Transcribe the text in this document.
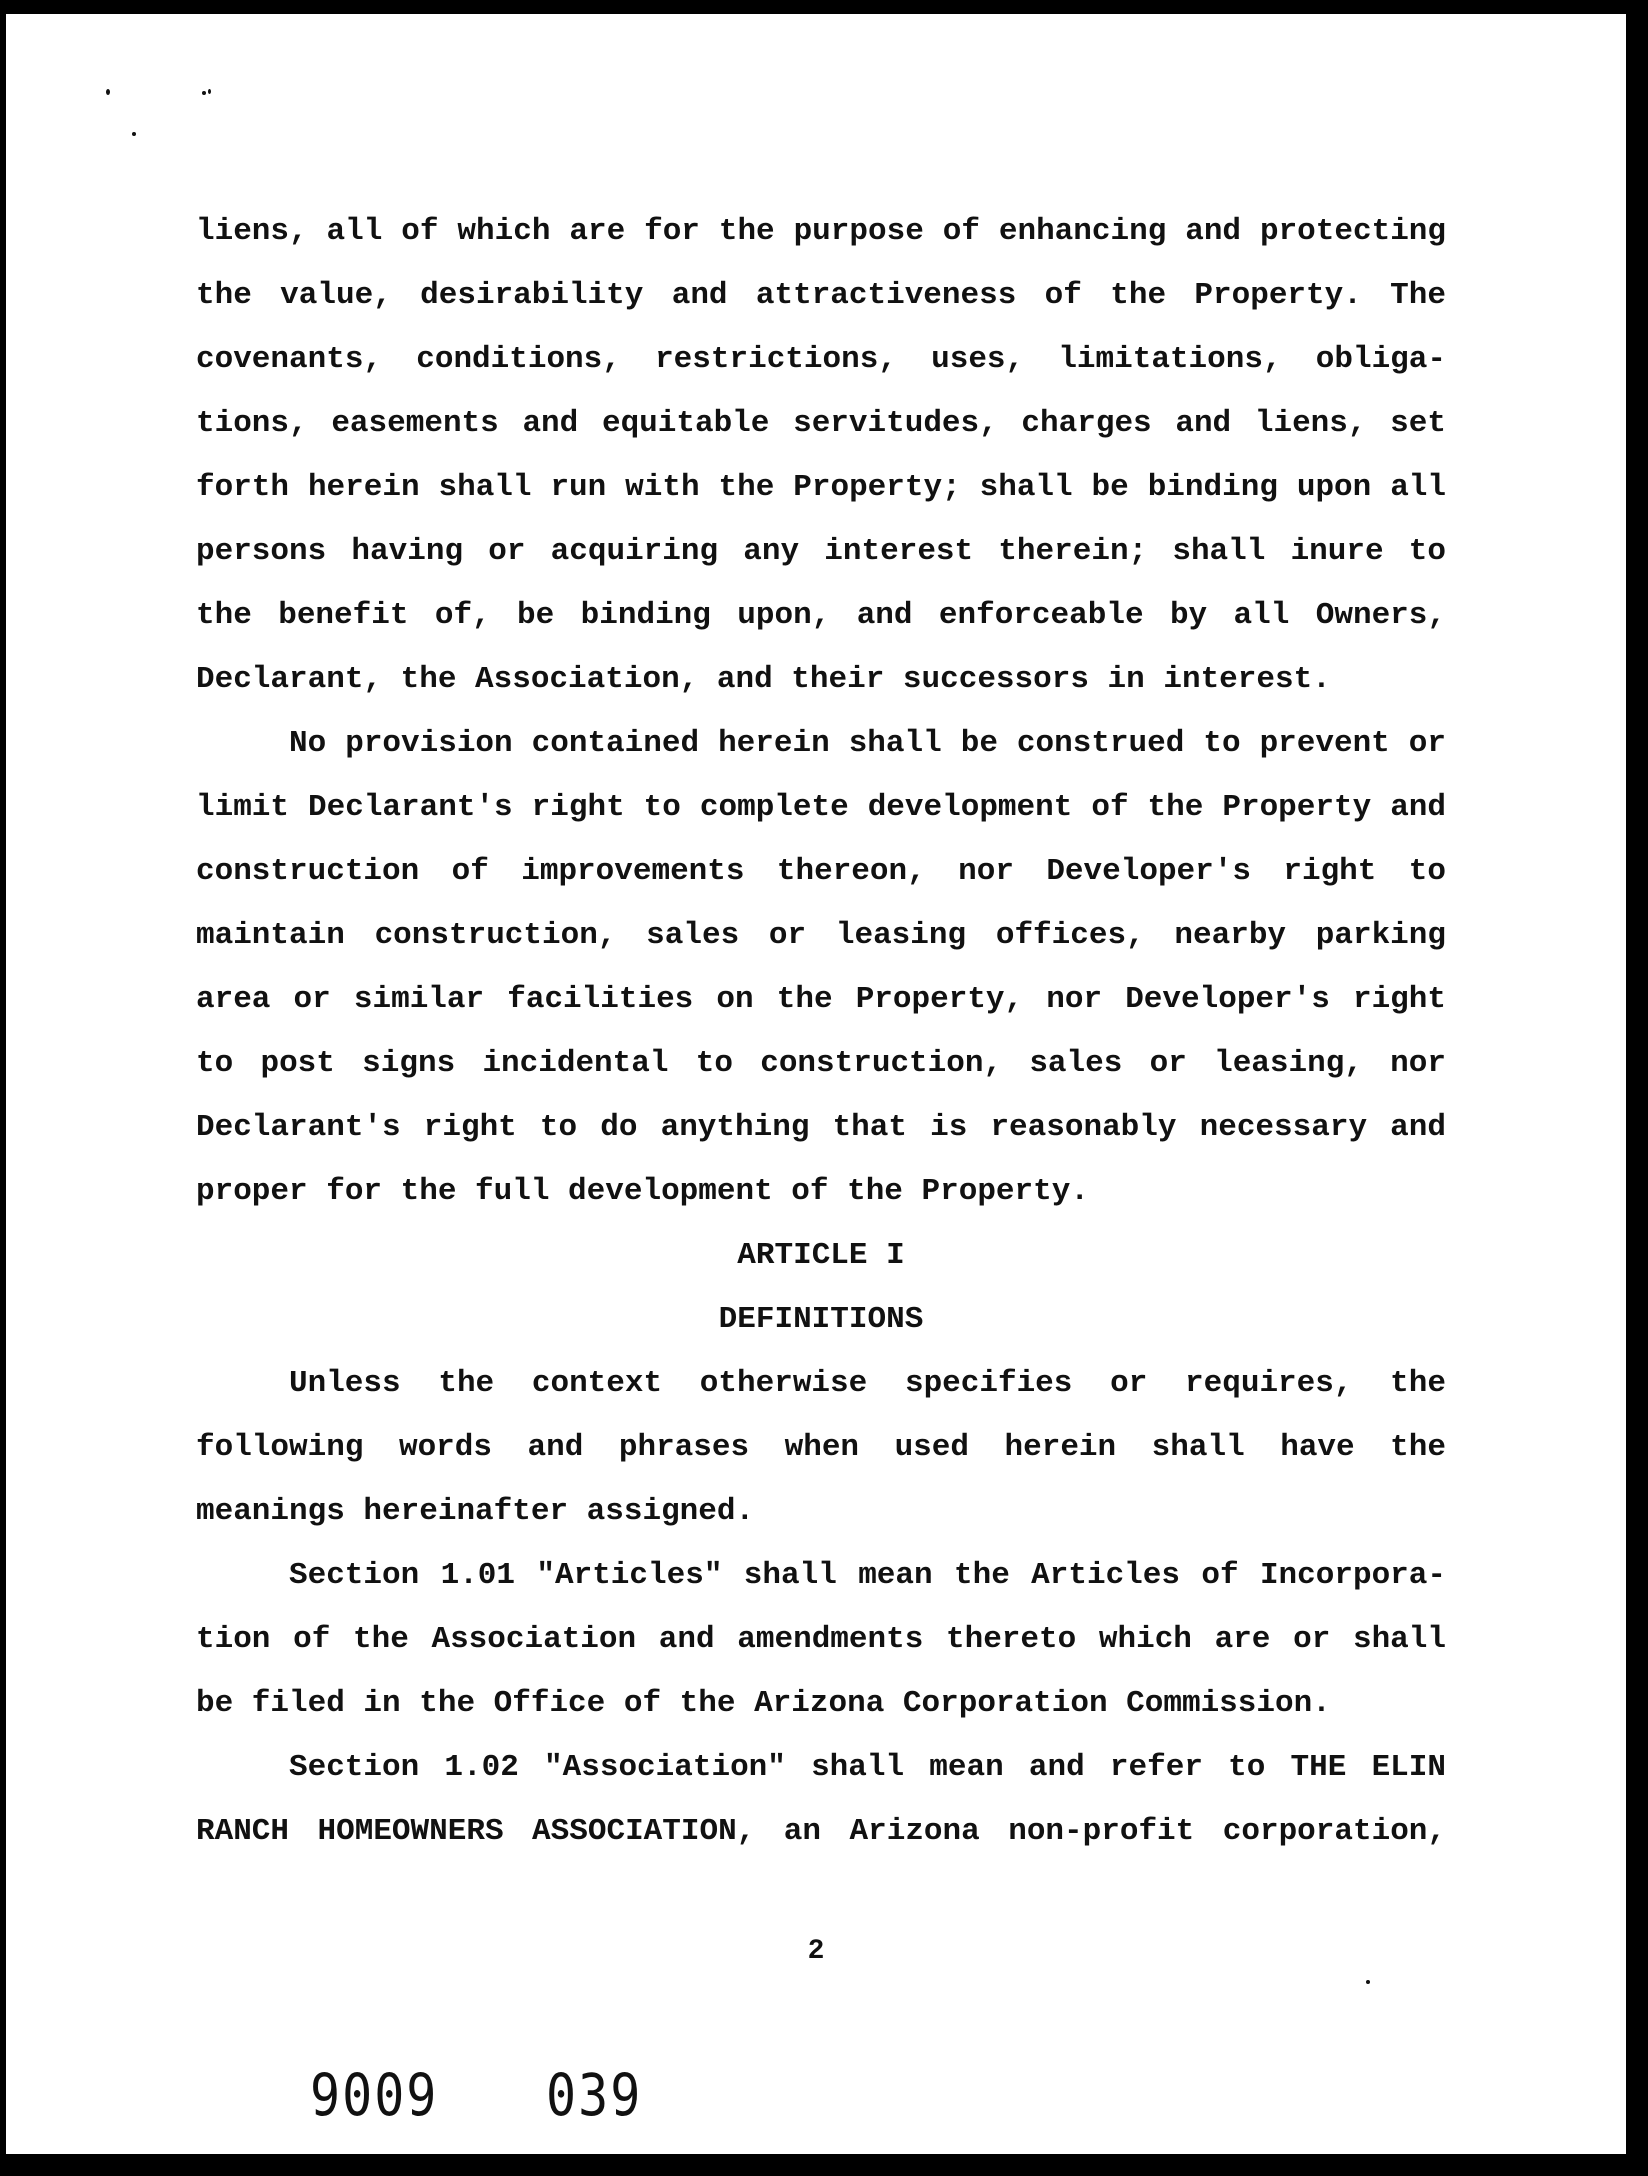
liens, all of which are for the purpose of enhancing and protecting
the value, desirability and attractiveness of the Property. The
covenants, conditions, restrictions, uses, limitations, obliga-
tions, easements and equitable servitudes, charges and liens, set
forth herein shall run with the Property; shall be binding upon all
persons having or acquiring any interest therein; shall inure to
the benefit of, be binding upon, and enforceable by all Owners,
Declarant, the Association, and their successors in interest.
No provision contained herein shall be construed to prevent or
limit Declarant's right to complete development of the Property and
construction of improvements thereon, nor Developer's right to
maintain construction, sales or leasing offices, nearby parking
area or similar facilities on the Property, nor Developer's right
to post signs incidental to construction, sales or leasing, nor
Declarant's right to do anything that is reasonably necessary and
proper for the full development of the Property.
ARTICLE I
DEFINITIONS
Unless the context otherwise specifies or requires, the
following words and phrases when used herein shall have the
meanings hereinafter assigned.
Section 1.01 "Articles" shall mean the Articles of Incorpora-
tion of the Association and amendments thereto which are or shall
be filed in the Office of the Arizona Corporation Commission.
Section 1.02 "Association" shall mean and refer to THE ELIN
RANCH HOMEOWNERS ASSOCIATION, an Arizona non-profit corporation,
2
9009 039
